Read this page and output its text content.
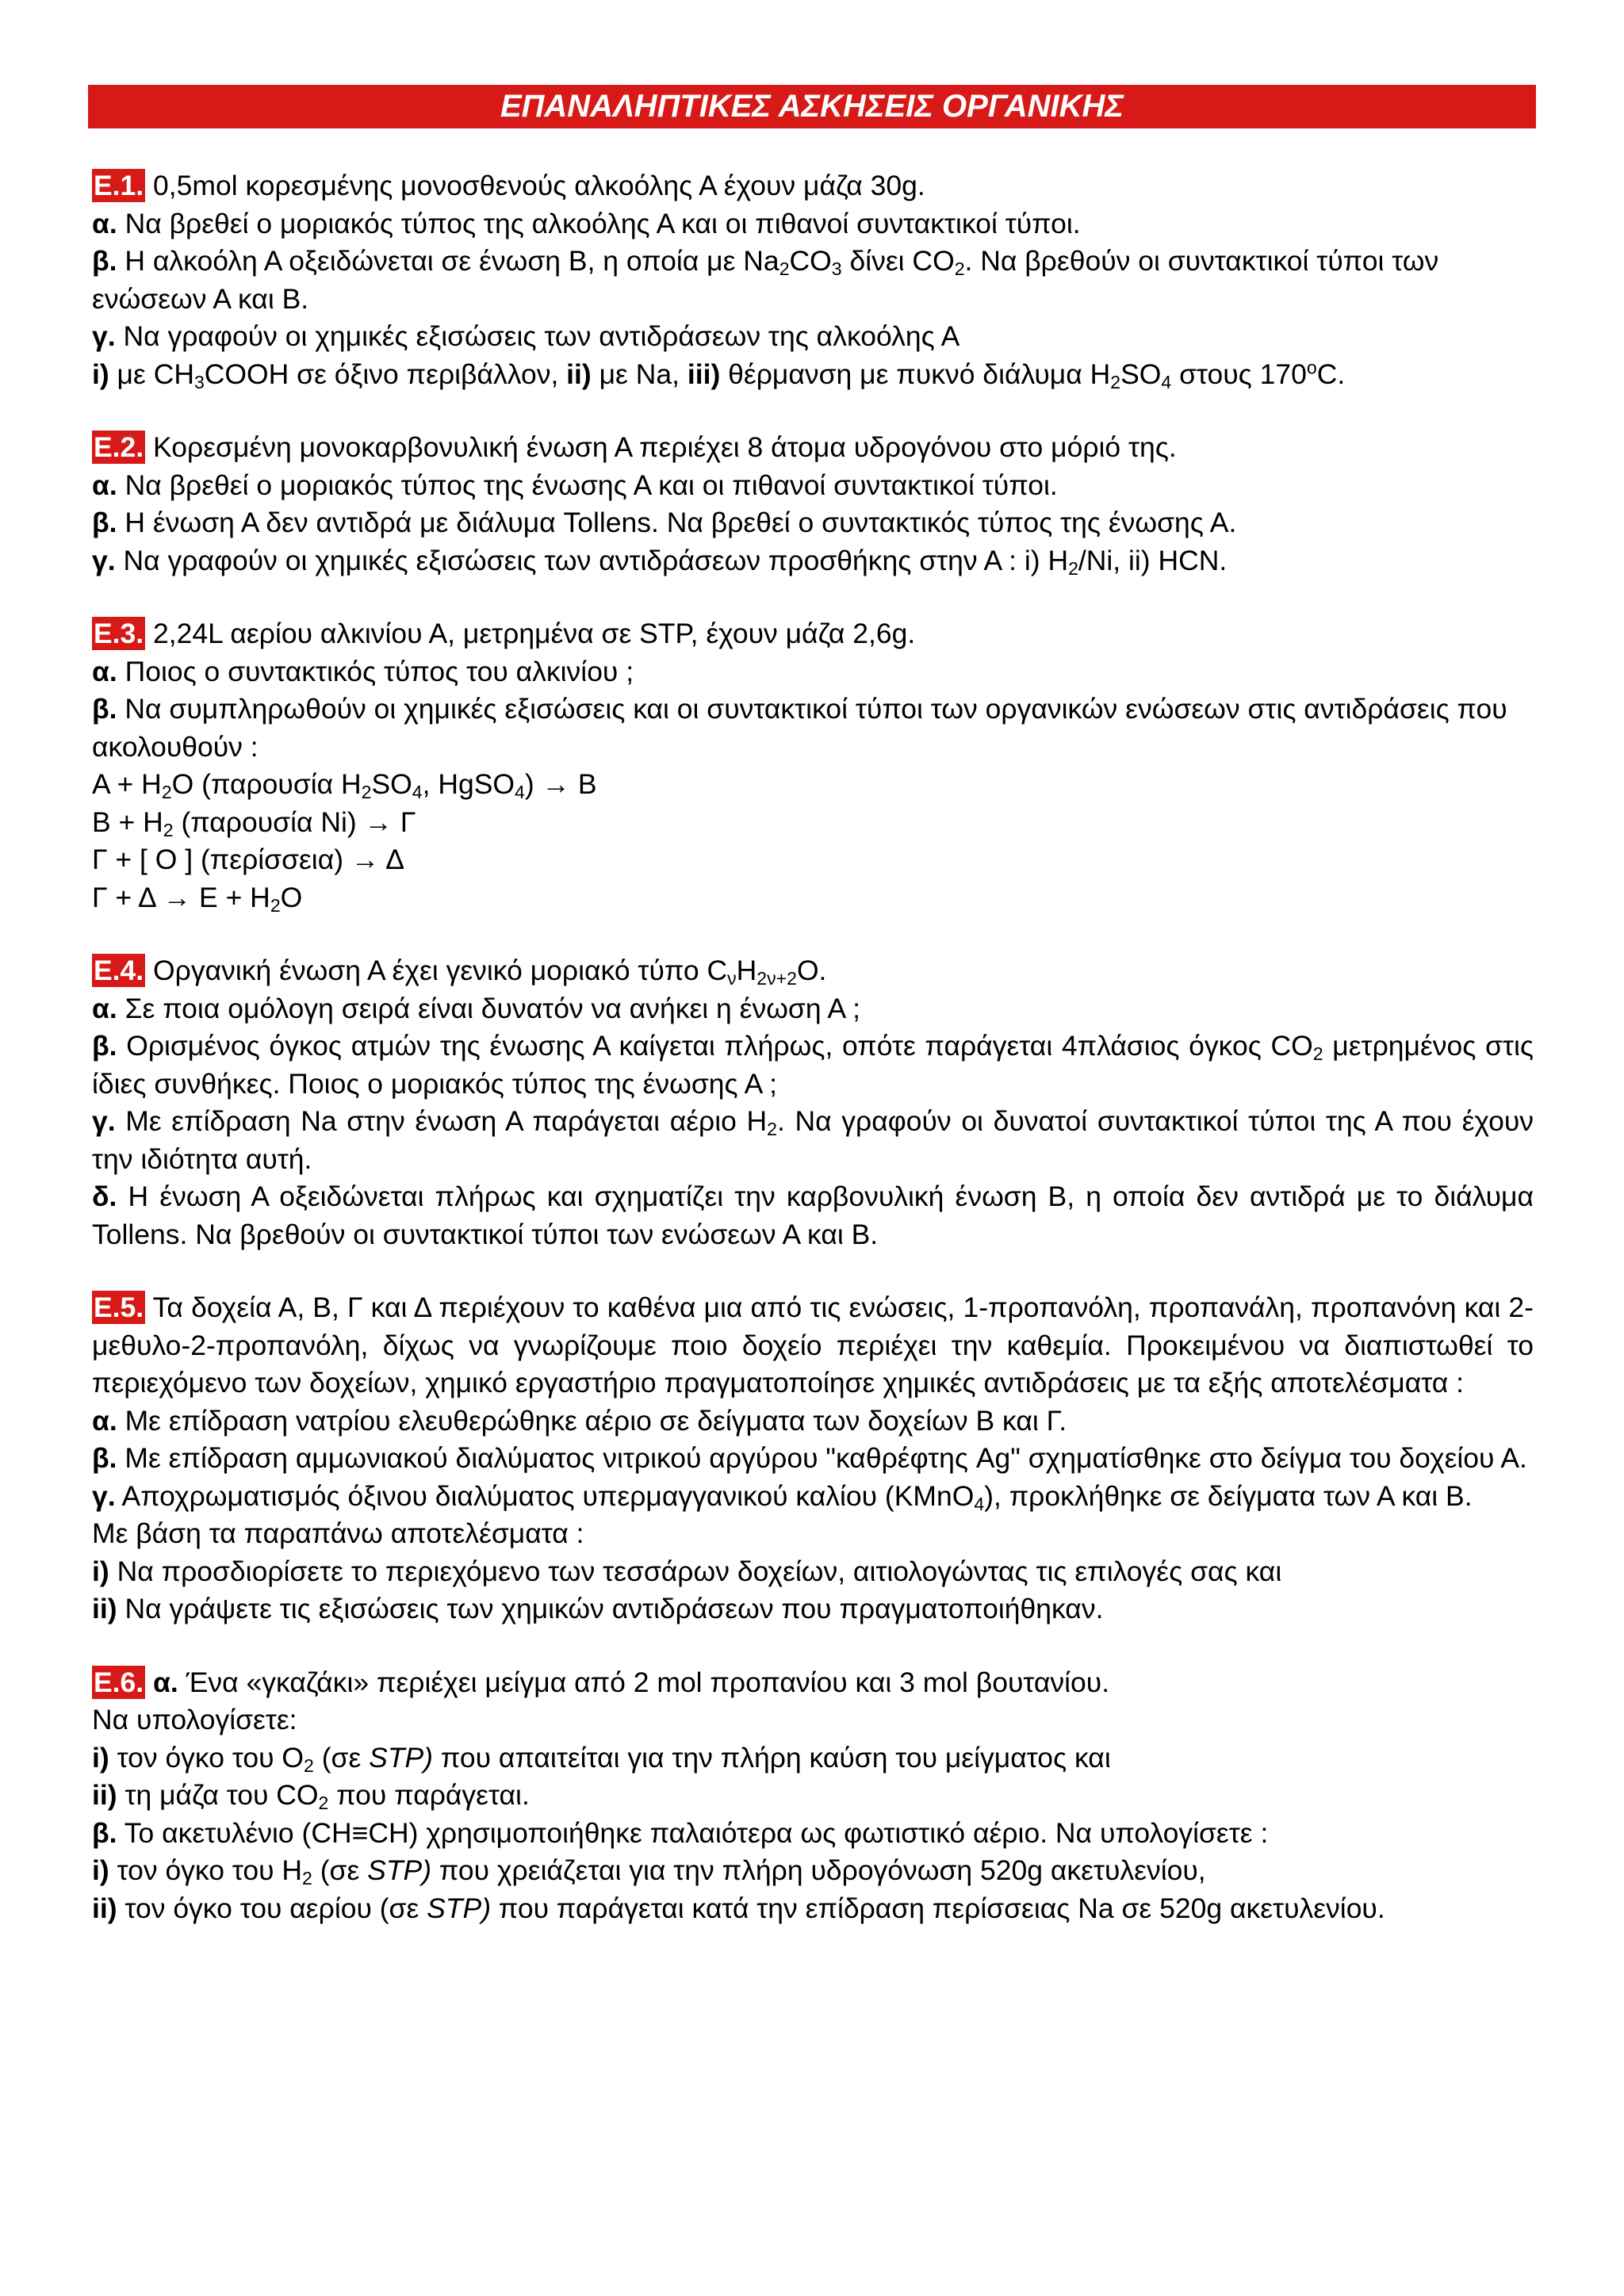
ΕΠΑΝΑΛΗΠΤΙΚΕΣ ΑΣΚΗΣΕΙΣ ΟΡΓΑΝΙΚΗΣ
Ε.1. 0,5mol κορεσμένης μονοσθενούς αλκοόλης Α έχουν μάζα 30g.
α. Να βρεθεί ο μοριακός τύπος της αλκοόλης Α και οι πιθανοί συντακτικοί τύποι.
β. Η αλκοόλη Α οξειδώνεται σε ένωση Β, η οποία με $Na_2CO_3$ δίνει $CO_2$. Να βρεθούν οι συντακτικοί τύποι των ενώσεων Α και Β.
γ. Να γραφούν οι χημικές εξισώσεις των αντιδράσεων της αλκοόλης Α
i) με $CH_3COOH$ σε όξινο περιβάλλον, ii) με Na, iii) θέρμανση με πυκνό διάλυμα $H_2SO_4$ στους 170$^o$C.
Ε.2. Κορεσμένη μονοκαρβονυλική ένωση Α περιέχει 8 άτομα υδρογόνου στο μόριό της.
α. Να βρεθεί ο μοριακός τύπος της ένωσης Α και οι πιθανοί συντακτικοί τύποι.
β. Η ένωση Α δεν αντιδρά με διάλυμα Tollens. Να βρεθεί ο συντακτικός τύπος της ένωσης Α.
γ. Να γραφούν οι χημικές εξισώσεις των αντιδράσεων προσθήκης στην Α : i) $H_2/Ni$, ii) HCN.
Ε.3. 2,24L αερίου αλκινίου Α, μετρημένα σε STP, έχουν μάζα 2,6g.
α. Ποιος ο συντακτικός τύπος του αλκινίου ;
β. Να συμπληρωθούν οι χημικές εξισώσεις και οι συντακτικοί τύποι των οργανικών ενώσεων στις αντιδράσεις που ακολουθούν :
$A + H_2O$ (παρουσία $H_2SO_4$, HgSO$_4$) → Β
$B + H_2$ (παρουσία Ni) → Γ
Γ + [ O ] (περίσσεια) → Δ
$\Gamma + \Delta \to E + H_2O$
Ε.4. Οργανική ένωση Α έχει γενικό μοριακό τύπο $C_\nu H_{2\nu+2}O$.
α. Σε ποια ομόλογη σειρά είναι δυνατόν να ανήκει η ένωση Α ;
β. Ορισμένος όγκος ατμών της ένωσης Α καίγεται πλήρως, οπότε παράγεται 4πλάσιος όγκος $CO_2$ μετρημένος στις ίδιες συνθήκες. Ποιος ο μοριακός τύπος της ένωσης Α ;
γ. Με επίδραση Na στην ένωση Α παράγεται αέριο $H_2$. Να γραφούν οι δυνατοί συντακτικοί τύποι της Α που έχουν την ιδιότητα αυτή.
δ. Η ένωση Α οξειδώνεται πλήρως και σχηματίζει την καρβονυλική ένωση Β, η οποία δεν αντιδρά με το διάλυμα Tollens. Να βρεθούν οι συντακτικοί τύποι των ενώσεων Α και Β.
Ε.5. Τα δοχεία Α, Β, Γ και Δ περιέχουν το καθένα μια από τις ενώσεις, 1-προπανόλη, προπανάλη, προπανόνη και 2-μεθυλο-2-προπανόλη, δίχως να γνωρίζουμε ποιο δοχείο περιέχει την καθεμία. Προκειμένου να διαπιστωθεί το περιεχόμενο των δοχείων, χημικό εργαστήριο πραγματοποίησε χημικές αντιδράσεις με τα εξής αποτελέσματα :
α. Με επίδραση νατρίου ελευθερώθηκε αέριο σε δείγματα των δοχείων Β και Γ.
β. Με επίδραση αμμωνιακού διαλύματος νιτρικού αργύρου "καθρέφτης Ag" σχηματίσθηκε στο δείγμα του δοχείου Α.
γ. Αποχρωματισμός όξινου διαλύματος υπερμαγγανικού καλίου (KMnO$_4$), προκλήθηκε σε δείγματα των Α και Β.
Με βάση τα παραπάνω αποτελέσματα :
i) Να προσδιορίσετε το περιεχόμενο των τεσσάρων δοχείων, αιτιολογώντας τις επιλογές σας και
ii) Να γράψετε τις εξισώσεις των χημικών αντιδράσεων που πραγματοποιήθηκαν.
Ε.6. α. Ένα «γκαζάκι» περιέχει μείγμα από 2 mol προπανίου και 3 mol βουτανίου.
Να υπολογίσετε:
i) τον όγκο του $O_2$ (σε STP) που απαιτείται για την πλήρη καύση του μείγματος και
ii) τη μάζα του $CO_2$ που παράγεται.
β. Το ακετυλένιο (CH≡CH) χρησιμοποιήθηκε παλαιότερα ως φωτιστικό αέριο. Να υπολογίσετε :
i) τον όγκο του $H_2$ (σε STP) που χρειάζεται για την πλήρη υδρογόνωση 520g ακετυλενίου,
ii) τον όγκο του αερίου (σε STP) που παράγεται κατά την επίδραση περίσσειας Na σε 520g ακετυλενίου.
